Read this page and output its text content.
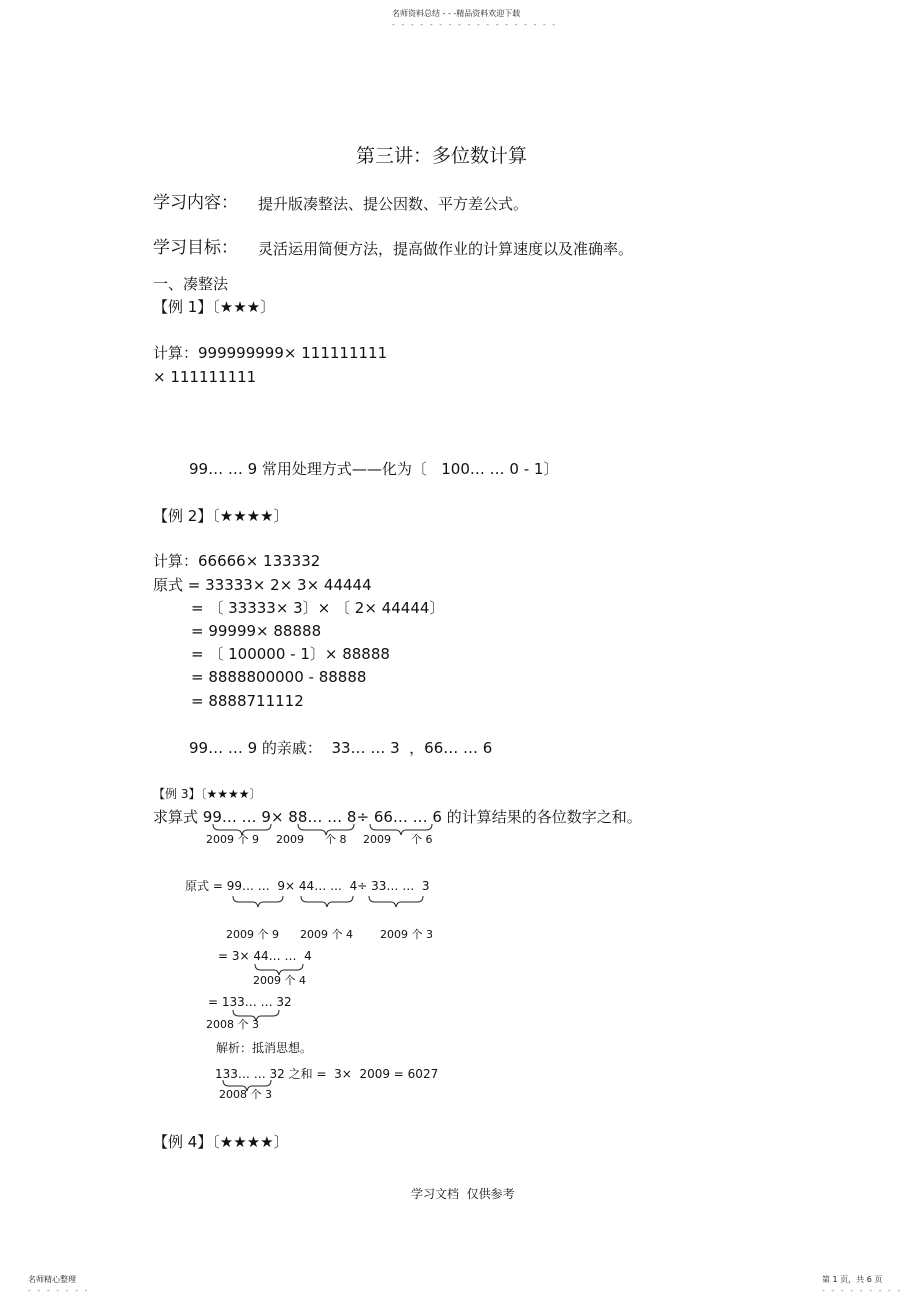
名师资料总结 - - -精品资料欢迎下载
- - - - - - - - - - - - - - - - - -
第三讲：多位数计算
学习内容： 提升版凑整法、提公因数、平方差公式。
学习目标： 灵活运用简便方法，提高做作业的计算速度以及准确率。
一、凑整法
【例 1】〔★★★〕
计算：999999999× 111111111
× 111111111
99… … 9 常用处理方式——化为〔   100… … 0 - 1〕
【例 2】〔★★★★〕
计算：66666× 133332
原式 = 33333× 2× 3× 44444
= 〔 33333× 3〕× 〔 2× 44444〕
= 99999× 88888
= 〔 100000 - 1〕× 88888
= 8888800000 - 88888
= 8888711112
99… … 9 的亲戚：  33… … 3  ，66… … 6
【例 3】〔★★★★〕
求算式 99… … 9× 88… … 8÷ 66… … 6 的计算结果的各位数字之和。
2009 个 9 2009 个 8 2009 个 6
原式 = 99… …  9× 44… …  4÷ 33… …  3
2009 个 9 2009 个 4 2009 个 3
= 3× 44… …  4
2009 个 4
= 133… … 32
2008 个 3
解析：抵消思想。
133… … 32 之和 =  3×  2009 = 6027
2008 个 3
【例 4】〔★★★★〕
学习文档  仅供参考
名师精心整理
- - - - - - -
第 1 页，共 6 页
- - - - - - - - -
